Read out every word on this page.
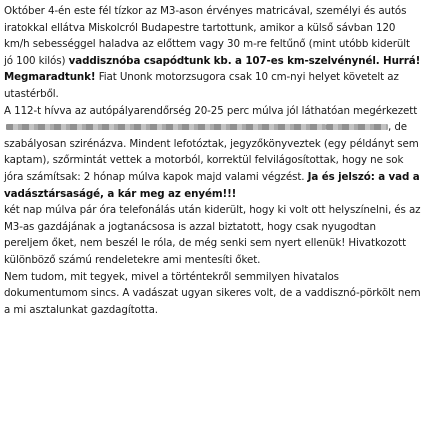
Október 4-én este fél tízkor az M3-ason érvényes matricával, személyi és autós iratokkal ellátva Miskolcról Budapestre tartottunk, amikor a külső sávban 120 km/h sebességgel haladva az előttem vagy 30 m-re feltűnő (mint utóbb kiderült jó 100 kilós) vaddisznóba csapódtunk kb. a 107-es km-szelvénynél. Hurrá! Megmaradtunk! Fiat Unonk motorzsugora csak 10 cm-nyi helyet követelt az utastérből.

A 112-t hívva az autópályarendőrség 20-25 perc múlva jól láthatóan megérkezett, de szabályosan szirénázva. Mindent lefotóztak, jegyzőkönyveztek (egy példányt sem kaptam), szőrmintát vettek a motorból, korrektül felvilágosítottak, hogy ne sok jóra számítsak: 2 hónap múlva kapok majd valami végzést. Ja és jelszó: a vad a vadásztársaságé, a kár meg az enyém!!!

két nap múlva pár óra telefonálás után kiderült, hogy ki volt ott helyszínelni, és az M3-as gazdájának a jogtanácsosa is azzal biztatott, hogy csak nyugodtan pereljem őket, nem beszél le róla, de még senki sem nyert ellenük! Hivatkozott különböző számú rendeletekre ami mentesíti őket.

Nem tudom, mit tegyek, mivel a történtekről semmilyen hivatalos dokumentumom sincs. A vadászat ugyan sikeres volt, de a vaddisznó-pörkölt nem a mi asztalunkat gazdagította.
